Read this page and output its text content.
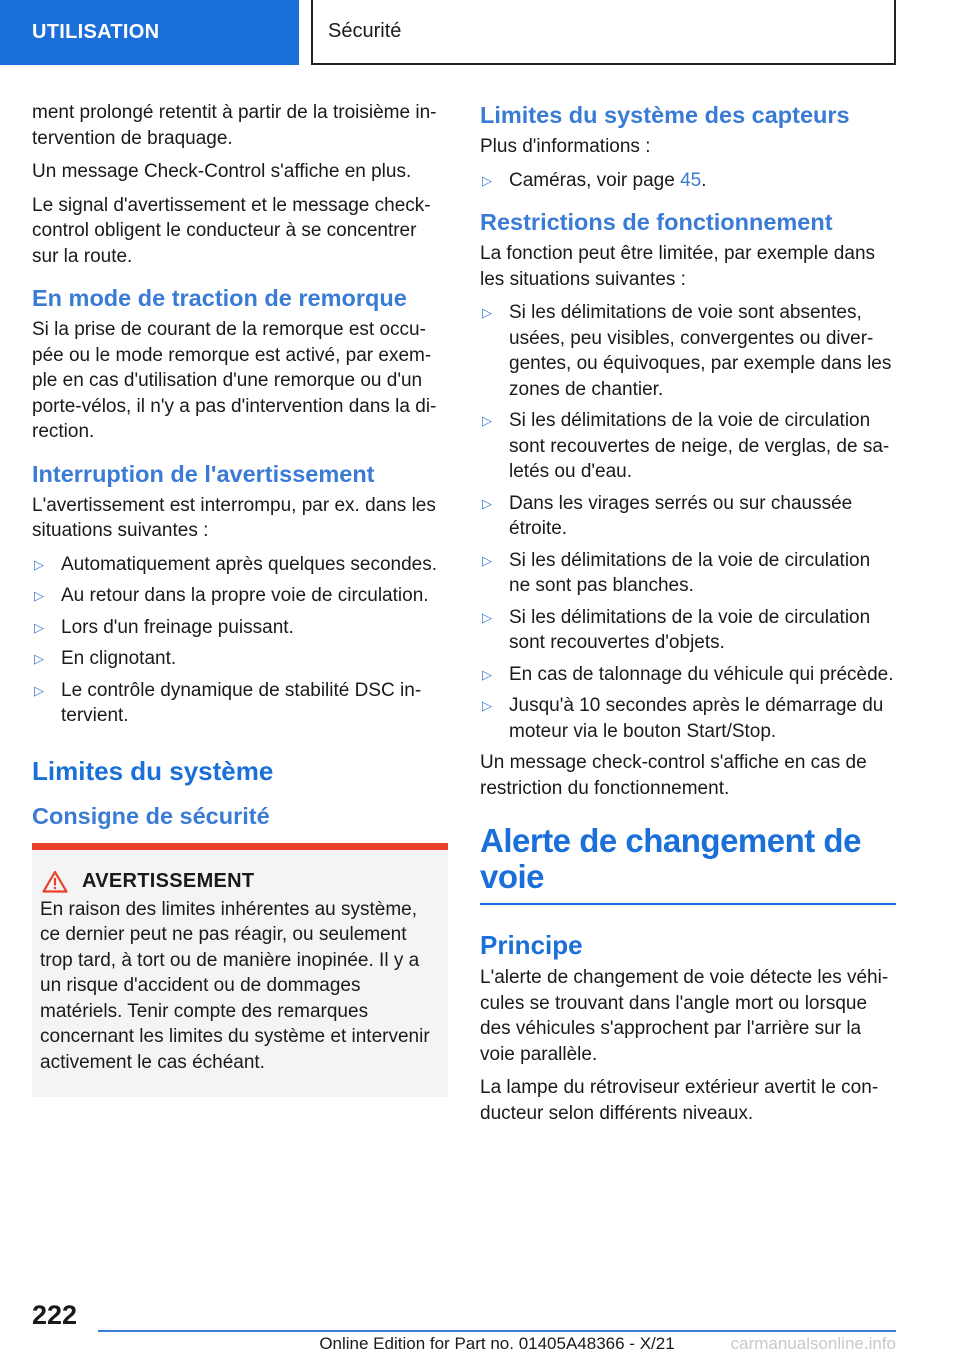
UTILISATION	Sécurité

ment prolongé retentit à partir de la troisième intervention de braquage.

Un message Check-Control s'affiche en plus.

Le signal d'avertissement et le message check-control obligent le conducteur à se concentrer sur la route.

En mode de traction de remorque

Si la prise de courant de la remorque est occupée ou le mode remorque est activé, par exemple en cas d'utilisation d'une remorque ou d'un porte-vélos, il n'y a pas d'intervention dans la direction.

Interruption de l'avertissement

L'avertissement est interrompu, par ex. dans les situations suivantes :

▷ Automatiquement après quelques secondes.
▷ Au retour dans la propre voie de circulation.
▷ Lors d'un freinage puissant.
▷ En clignotant.
▷ Le contrôle dynamique de stabilité DSC intervient.
Limites du système
Consigne de sécurité
AVERTISSEMENT

En raison des limites inhérentes au système, ce dernier peut ne pas réagir, ou seulement trop tard, à tort ou de manière inopinée. Il y a un risque d'accident ou de dommages matériels. Tenir compte des remarques concernant les limites du système et intervenir activement le cas échéant.

Limites du système des capteurs

Plus d'informations :

▷ Caméras, voir page 45.
Restrictions de fonctionnement

La fonction peut être limitée, par exemple dans les situations suivantes :

▷ Si les délimitations de voie sont absentes, usées, peu visibles, convergentes ou divergentes, ou équivoques, par exemple dans les zones de chantier.
▷ Si les délimitations de la voie de circulation sont recouvertes de neige, de verglas, de saletés ou d'eau.
▷ Dans les virages serrés ou sur chaussée étroite.
▷ Si les délimitations de la voie de circulation ne sont pas blanches.
▷ Si les délimitations de la voie de circulation sont recouvertes d'objets.
▷ En cas de talonnage du véhicule qui précède.
▷ Jusqu'à 10 secondes après le démarrage du moteur via le bouton Start/Stop.

Un message check-control s'affiche en cas de restriction du fonctionnement.

Alerte de changement de voie
Principe

L'alerte de changement de voie détecte les véhicules se trouvant dans l'angle mort ou lorsque des véhicules s'approchent par l'arrière sur la voie parallèle.

La lampe du rétroviseur extérieur avertit le conducteur selon différents niveaux.

222
Online Edition for Part no. 01405A48366 - X/21	carmanualsonline.info
